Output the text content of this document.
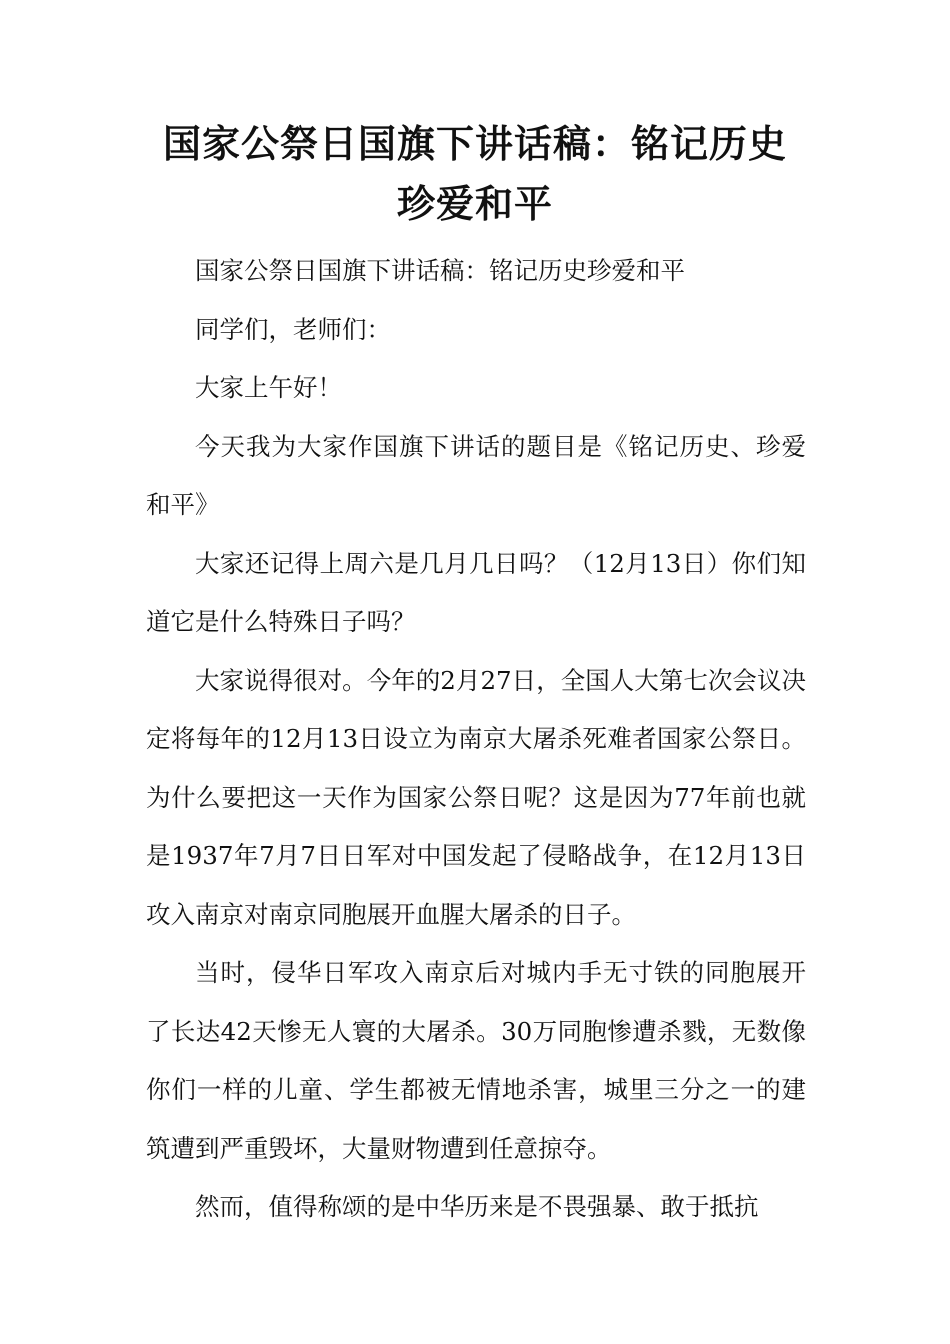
国家公祭日国旗下讲话稿：铭记历史
珍爱和平

国家公祭日国旗下讲话稿：铭记历史珍爱和平

同学们，老师们：

大家上午好！

今天我为大家作国旗下讲话的题目是《铭记历史、珍爱和平》

大家还记得上周六是几月几日吗？（12月13日）你们知道它是什么特殊日子吗？

大家说得很对。今年的2月27日，全国人大第七次会议决定将每年的12月13日设立为南京大屠杀死难者国家公祭日。为什么要把这一天作为国家公祭日呢？这是因为77年前也就是1937年7月7日日军对中国发起了侵略战争，在12月13日攻入南京对南京同胞展开血腥大屠杀的日子。

当时，侵华日军攻入南京后对城内手无寸铁的同胞展开了长达42天惨无人寰的大屠杀。30万同胞惨遭杀戮，无数像你们一样的儿童、学生都被无情地杀害，城里三分之一的建筑遭到严重毁坏，大量财物遭到任意掠夺。

然而，值得称颂的是中华历来是不畏强暴、敢于抵抗
